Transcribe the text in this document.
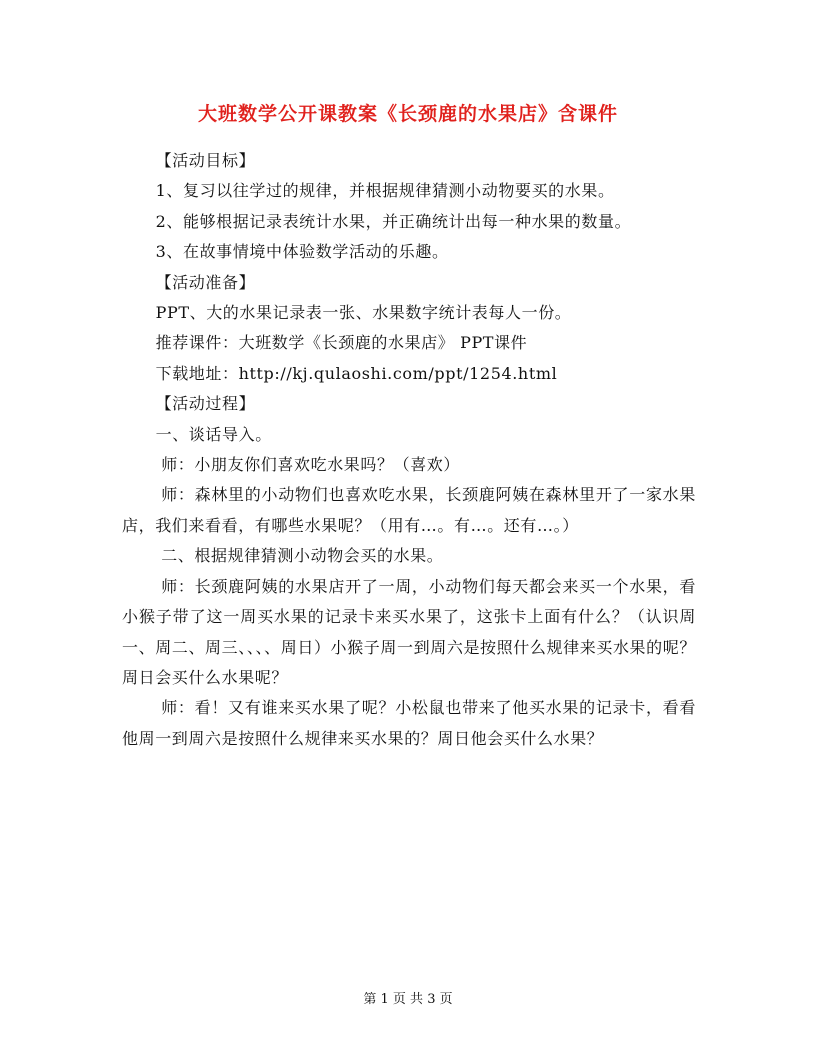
大班数学公开课教案《长颈鹿的水果店》含课件

【活动目标】

1、复习以往学过的规律，并根据规律猜测小动物要买的水果。

2、能够根据记录表统计水果，并正确统计出每一种水果的数量。

3、在故事情境中体验数学活动的乐趣。

【活动准备】

PPT、大的水果记录表一张、水果数字统计表每人一份。

推荐课件：大班数学《长颈鹿的水果店》 PPT课件

下载地址：http://kj.qulaoshi.com/ppt/1254.html

【活动过程】

一、谈话导入。

师：小朋友你们喜欢吃水果吗？（喜欢）

师：森林里的小动物们也喜欢吃水果，长颈鹿阿姨在森林里开了一家水果店，我们来看看，有哪些水果呢？（用有…。有…。还有…。）

二、根据规律猜测小动物会买的水果。

师：长颈鹿阿姨的水果店开了一周，小动物们每天都会来买一个水果，看小猴子带了这一周买水果的记录卡来买水果了，这张卡上面有什么？（认识周一、周二、周三、、、、周日）小猴子周一到周六是按照什么规律来买水果的呢？周日会买什么水果呢？

师：看！又有谁来买水果了呢？小松鼠也带来了他买水果的记录卡，看看他周一到周六是按照什么规律来买水果的？周日他会买什么水果？

第 1 页 共 3 页
